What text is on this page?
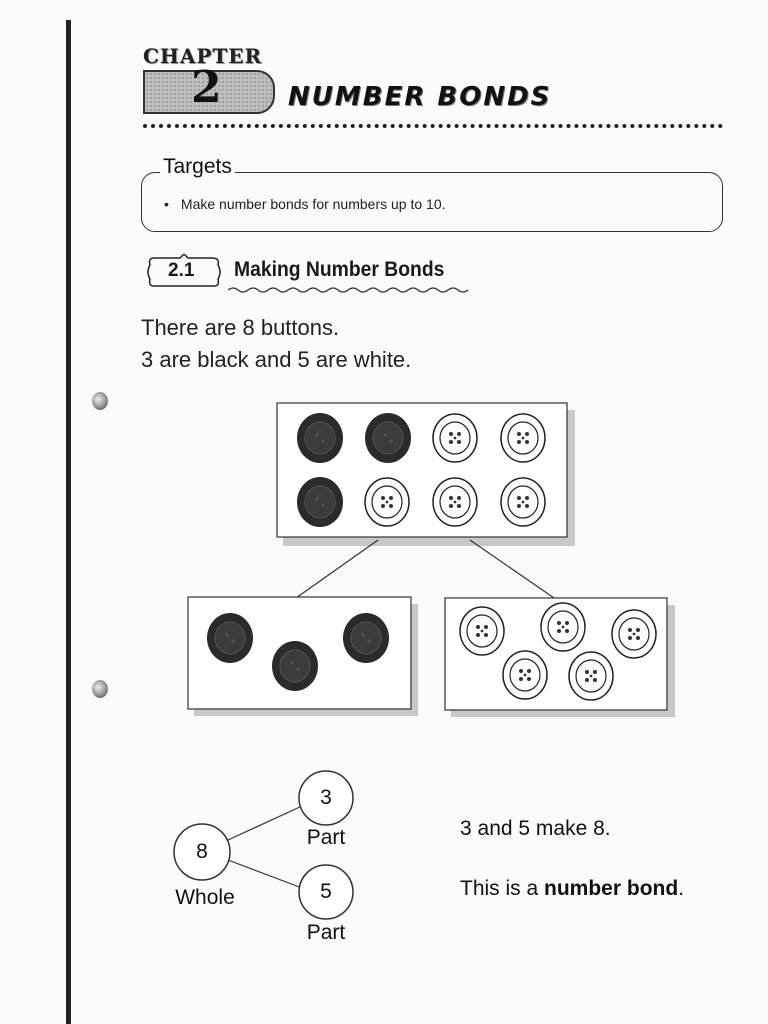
CHAPTER
2	NUMBER BONDS
Targets
• Make number bonds for numbers up to 10.
2.1 Making Number Bonds
There are 8 buttons.
3 are black and 5 are white.
8
Whole
3
Part
5
Part
3 and 5 make 8.
This is a number bond.
